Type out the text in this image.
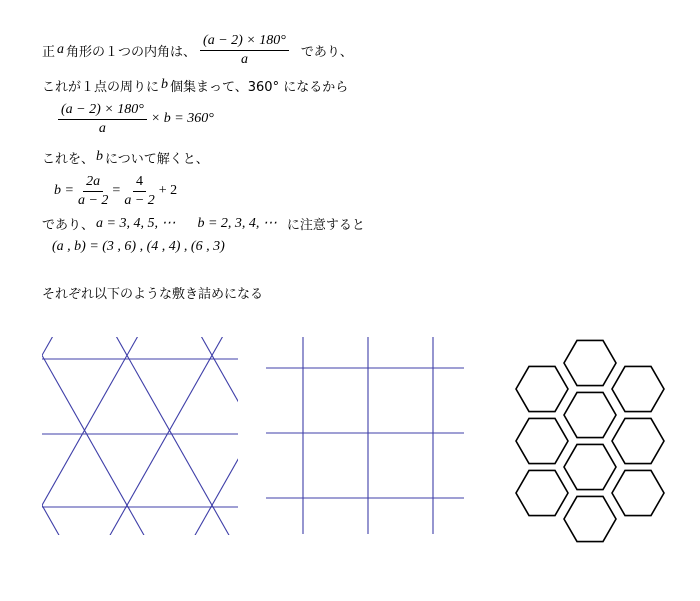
正 a 角形の１つの内角は、 $\frac{(a - 2) \times 180^\circ}{a}$ であり、
これが１点の周りに b 個集まって、360° になるから
$\frac{(a - 2) \times 180^\circ}{a} \times b = 360^\circ$
これを、 b について解くと、
$b = \frac{2a}{a - 2} = \frac{4}{a - 2} + 2$
であり、 a = 3, 4, 5, ⋯ b = 2, 3, 4, ⋯ に注意すると
(a , b) = (3 , 6) , (4 , 4) , (6 , 3)
それぞれ以下のような敷き詰めになる
